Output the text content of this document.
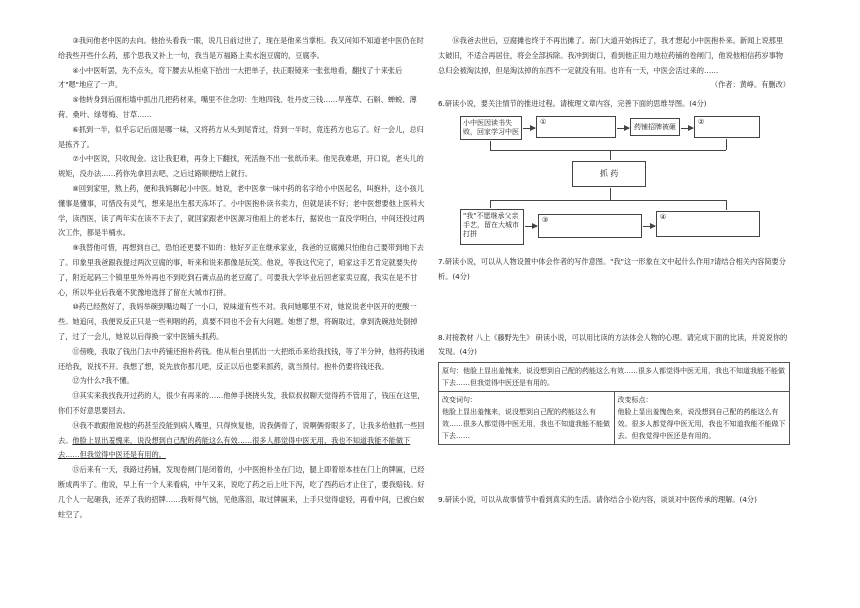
③我问他老中医的去向。他抬头看我一眼，说几日前过世了，现在是他来当掌柜。我又问知不知道老中医仍在时给我些开些什么药，那个思我又补上一句，我当是万福路上卖水泡豆腐的，豆腐李。

④小中医听罢，先不点头，弯下腰去从柜桌下拾出一大把单子，扶正眼镜来一张张地看，翻找了十来张后才"嗯"地应了一声。

⑤他转身到后面柜墙中抓出几把药材来，嘴里不住念叨：生地四钱、牡丹皮三钱……旱莲草、石斛、蝉蜕、薄荷、桑叶、绿萼梅、甘草……

⑥抓到一半，似乎忘记后面是哪一味，又将药方从头到尾背过，背到一半时，竟连药方也忘了。好一会儿，总归是拣齐了。

⑦小中医说，只收现金。这让我犯难，再身上下翻找，死活拖不出一张纸币来。他见我难堪，开口说，老头儿的规矩，没办法……药你先拿回去吧，之后过路顺便结上就行。

⑧回到家里，熬上药，便和我妈聊起小中医。她说，老中医拿一味中药的名字给小中医起名，叫抱朴，这小孩儿懂事是懂事，可惜没有灵气，想来是出生那天冻坏了。小中医抱朴读书卖力，但就是读不好；老中医想要他上医科大学，读西医，读了两年实在读不下去了，就回家跟老中医源习他祖上的老本行，据说也一直没学明白，中间还投过两次工作，都是半桶水。

⑨我替他可惜，再想到自己，恐怕还更要不如的：他好歹正在继承家业，我爸的豆腐摊只怕他自己要带到地下去了。印象里我爸跟我提过两次豆腐的事，听来和说来都像是玩笑。他说，等我这代完了，咱家这手艺肯定就要失传了，附近起码三个镇里里外外再也不到吃到石膏点品的老豆腐了。可要我大学毕业后回老家卖豆腐，我实在是不甘心，所以毕业后我毫不犹豫地选择了留在大城市打拼。

⑩药已经熬好了，我妈举碗到嘴边喝了一小口，说味道有些不对。我问她哪里不对，她说说老中医开的更酸一些。她追问，我便说反正只是一些利咽的药，真要不同也不会有大问题。她想了想，将碗取过，拿到洗碗池处倒掉了，过了一会儿，她说以后得换一家中医铺头抓药。

⑪傍晚，我取了钱出门去中药铺还抱朴药钱。他从柜台里抓出一大把纸币来给我找钱，等了半分钟，他将药钱递还给我，说找不开。我想了想，说先放你那儿吧，反正以后也要来抓药，就当预付。抱朴仍要将钱还我。

⑫为什么?我不懂。

⑬其实来我找我开过药的人，很少有再来的……他伸手挠挠头发，我似叔叔聊天觉得药不管用了，钱压在这里，你们不好意思要回去。

⑭我不敢跟他说他的药甚至没能到病人嘴里，只得恢复他，说我俩骨了，说啊俩骨眼多了，让我多给他抓一些回去。他脸上显出羞愧来，说没想到自己配的药能这么有效……很多人都觉得中医无用，我也不知道我能不能做下去……但我觉得中医还是有用的。

⑮后来有一天，我路过药铺，发现卷闸门是闭着的，小中医抱朴坐在门边，腿上即着原本挂在门上的牌匾，已经断成两半了。他说，早上有一个人来看病，中午又来，说吃了药之后上吐下泻，吃了西药后才止住了，要我赔钱。好几个人一起砸我，还弄了我的招牌……我听得气恼，见他落泪，取过牌匾来，上手只觉得虚轻，再看中间，已被白蚁蛀空了。

⑯我爸去世后，豆腐摊也终于不再出摊了。南门大道开始拆迁了，我才想起小中医抱朴来。新闻上说那里太破旧，不适合再居住，将会全部拆除。我冲到街口，看到他正用力地拉药铺的卷闸门，他说他相信药岁事物总归会被淘汰掉，但是淘汰掉的东西不一定就没有用。也许有一天，中医会活过来的……

（作者：黄峥。有删改）

6.研读小说，要关注情节的推进过程。请梳理文章内容，完善下面的思维导图。(4分)

小中医因读书失败，回家学习中医
①
药铺招牌被砸
②
抓 药
"我"不愿继承父亲手艺，留在大城市打拼
③	④

7.研读小说，可以从人物设置中体会作者的写作意图。"我"这一形象在文中起什么作用?请结合相关内容简要分析。(4分)

8.对接教材 八上《藤野先生》 研读小说，可以用比读的方法体会人物的心理。请完成下面的比读，并说说你的发现。(4分)

原句：他脸上显出羞愧来，说没想到自己配的药能这么有效……很多人都觉得中医无用，我也不知道我能不能做下去……但我觉得中医还是有用的。

改变词句：
他脸上显出羞愧来，说没想到自己配的药能这么有效……很多人都觉得中医无用，我也不知道我能不能做下去……

改变标点：
他脸上显出羞愧色来，说没想到自己配的药能这么有效。很多人都觉得中医无用，我也不知道我能不能做下去。但我觉得中医还是有用的。

9.研读小说，可以从故事情节中看到真实的生活。请你结合小说内容，谈谈对中医传承的理解。(4分)
